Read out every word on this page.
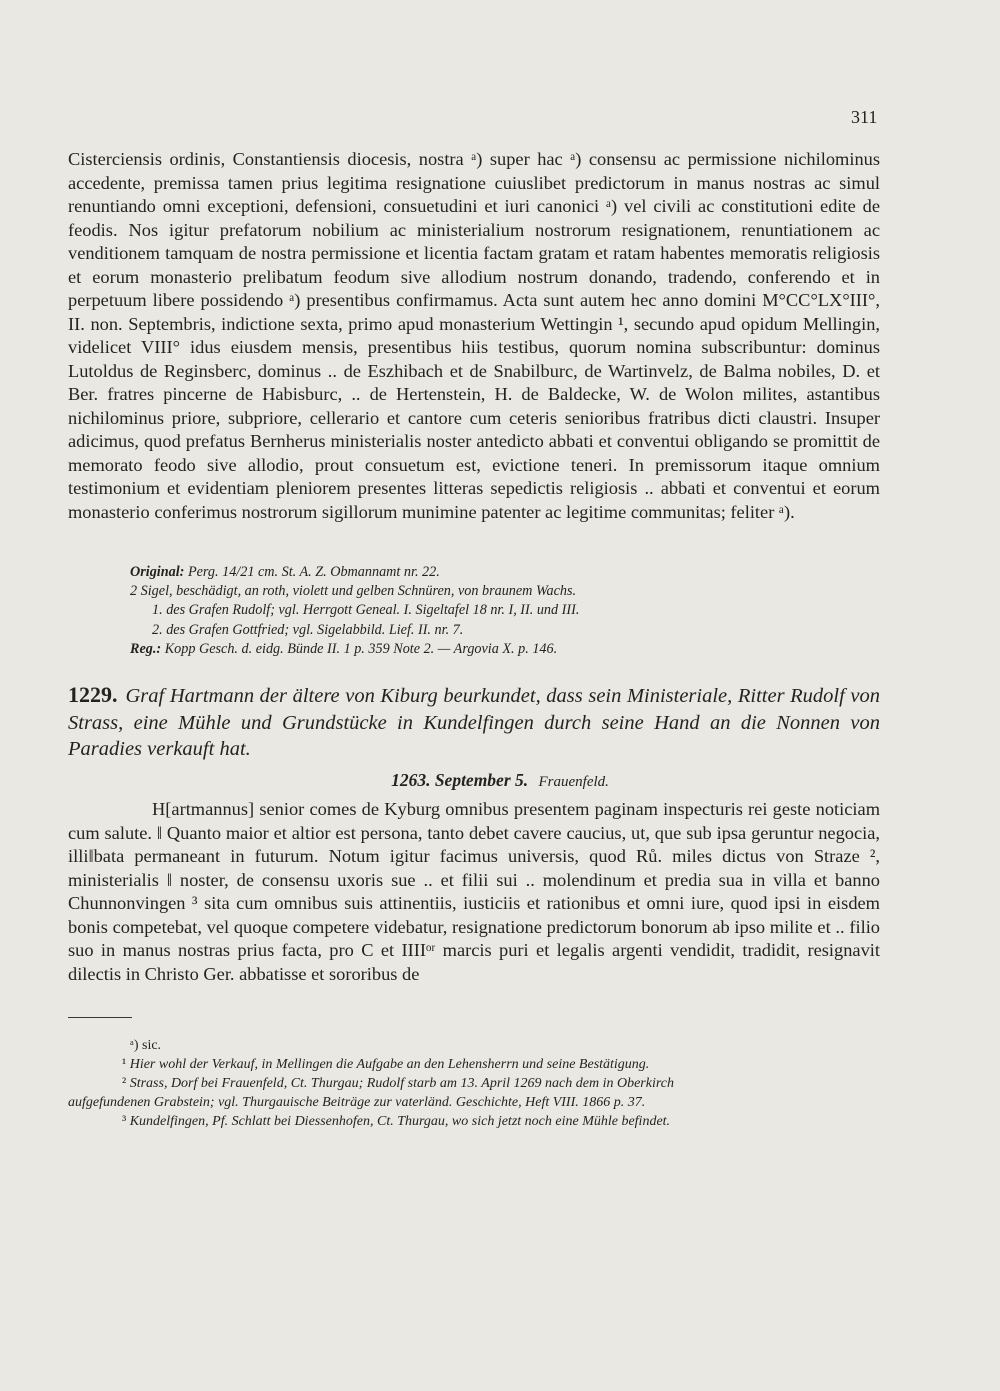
311
Cisterciensis ordinis, Constantiensis diocesis, nostra ᵃ) super hac ᵃ) consensu ac permissione nichilominus accedente, premissa tamen prius legitima resignatione cuiuslibet predictorum in manus nostras ac simul renuntiando omni exceptioni, defensioni, consuetudini et iuri canonici ᵃ) vel civili ac constitutioni edite de feodis. Nos igitur prefatorum nobilium ac ministerialium nostrorum resignationem, renuntiationem ac venditionem tamquam de nostra permissione et licentia factam gratam et ratam habentes memoratis religiosis et eorum monasterio prelibatum feodum sive allodium nostrum donando, tradendo, conferendo et in perpetuum libere possidendo ᵃ) presentibus confirmamus. Acta sunt autem hec anno domini M°CC°LX°III°, II. non. Septembris, indictione sexta, primo apud monasterium Wettingin ¹, secundo apud opidum Mellingin, videlicet VIII° idus eiusdem mensis, presentibus hiis testibus, quorum nomina subscribuntur: dominus Lutoldus de Reginsberc, dominus .. de Eszhibach et de Snabilburc, de Wartinvelz, de Balma nobiles, D. et Ber. fratres pincerne de Habisburc, .. de Hertenstein, H. de Baldecke, W. de Wolon milites, astantibus nichilominus priore, subpriore, cellerario et cantore cum ceteris senioribus fratribus dicti claustri. Insuper adicimus, quod prefatus Bernherus ministerialis noster antedicto abbati et conventui obligando se promittit de memorato feodo sive allodio, prout consuetum est, evictione teneri. In premissorum itaque omnium testimonium et evidentiam pleniorem presentes litteras sepedictis religiosis .. abbati et conventui et eorum monasterio conferimus nostrorum sigillorum munimine patenter ac legitime communitas; feliter ᵃ).
Original: Perg. 14/21 cm. St. A. Z. Obmannamt nr. 22.
2 Sigel, beschädigt, an roth, violett und gelben Schnüren, von braunem Wachs.
1. des Grafen Rudolf; vgl. Herrgott Geneal. I. Sigeltafel 18 nr. I, II. und III.
2. des Grafen Gottfried; vgl. Sigelabbild. Lief. II. nr. 7.
Reg.: Kopp Gesch. d. eidg. Bünde II. 1 p. 359 Note 2. — Argovia X. p. 146.
1229. Graf Hartmann der ältere von Kiburg beurkundet, dass sein Ministeriale, Ritter Rudolf von Strass, eine Mühle und Grundstücke in Kundelfingen durch seine Hand an die Nonnen von Paradies verkauft hat.
1263. September 5. Frauenfeld.
H[artmannus] senior comes de Kyburg omnibus presentem paginam inspecturis rei geste noticiam cum salute. ‖ Quanto maior et altior est persona, tanto debet cavere caucius, ut, que sub ipsa geruntur negocia, illi‖bata permaneant in futurum. Notum igitur facimus universis, quod Rů. miles dictus von Straze ², ministerialis ‖ noster, de consensu uxoris sue .. et filii sui .. molendinum et predia sua in villa et banno Chunnonvingen ³ sita cum omnibus suis attinentiis, iusticiis et rationibus et omni iure, quod ipsi in eisdem bonis competebat, vel quoque competere videbatur, resignatione predictorum bonorum ab ipso milite et .. filio suo in manus nostras prius facta, pro C et IIIIᵒʳ marcis puri et legalis argenti vendidit, tradidit, resignavit dilectis in Christo Ger. abbatisse et sororibus de
ᵃ) sic.
¹ Hier wohl der Verkauf, in Mellingen die Aufgabe an den Lehensherrn und seine Bestätigung.
² Strass, Dorf bei Frauenfeld, Ct. Thurgau; Rudolf starb am 13. April 1269 nach dem in Oberkirch
aufgefundenen Grabstein; vgl. Thurgauische Beiträge zur vaterländ. Geschichte, Heft VIII. 1866 p. 37.
³ Kundelfingen, Pf. Schlatt bei Diessenhofen, Ct. Thurgau, wo sich jetzt noch eine Mühle befindet.
